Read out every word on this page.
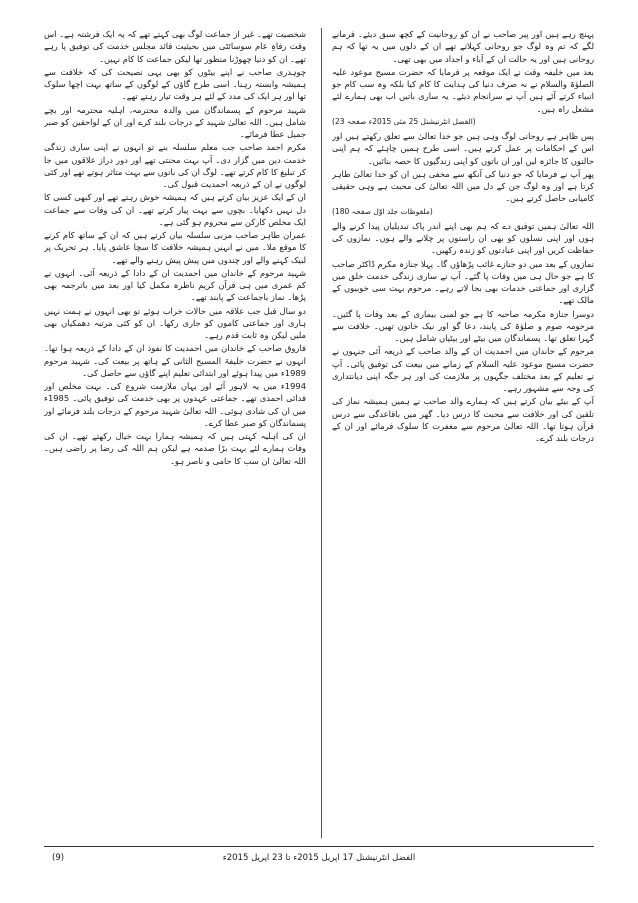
پہنچ رہے ہیں اور پیر صاحب نے ان کو روحانیت کے کچھ سبق دیئے۔ فرمانے لگے کہ تم وہ لوگ جو روحانی کہلاتے تھے ان کے دلوں میں یہ تھا کہ ہم روحانی ہیں اور یہ حالت ان کے آباء و اجداد میں بھی تھی۔

بعد میں خلیفہ وقت نے ایک موقعہ پر فرمایا کہ حضرت مسیح موعود علیہ الصلوٰۃ والسلام نے نہ صرف دنیا کی ہدایت کا کام کیا بلکہ وہ سب کام جو انبیاء کرتے آئے ہیں آپ نے سرانجام دیئے۔ یہ ساری باتیں اب بھی ہمارے لئے مشعل راہ ہیں۔

(الفضل انٹرنیشنل 25 مئی 2015ء صفحہ 23)

پس ظاہر ہے روحانی لوگ وہی ہیں جو خدا تعالیٰ سے تعلق رکھتے ہیں اور اس کے احکامات پر عمل کرتے ہیں۔ اسی طرح ہمیں چاہئے کہ ہم اپنی حالتوں کا جائزہ لیں اور ان باتوں کو اپنی زندگیوں کا حصہ بنائیں۔

پھر آپ نے فرمایا کہ جو دنیا کی آنکھ سے مخفی ہیں ان کو خدا تعالیٰ ظاہر کرتا ہے اور وہ لوگ جن کے دل میں اللہ تعالیٰ کی محبت ہے وہی حقیقی کامیابی حاصل کرتے ہیں۔

(ملفوظات جلد اوّل صفحہ 180)

اللہ تعالیٰ ہمیں توفیق دے کہ ہم بھی اپنے اندر پاک تبدیلیاں پیدا کرنے والے ہوں اور اپنی نسلوں کو بھی ان راستوں پر چلانے والے ہوں۔ نمازوں کی حفاظت کریں اور اپنی عبادتوں کو زندہ رکھیں۔

نمازوں کے بعد میں دو جنازے غائب پڑھاؤں گا۔ پہلا جنازہ مکرم ڈاکٹر صاحب کا ہے جو حال ہی میں وفات پا گئے۔ آپ نے ساری زندگی خدمت خلق میں گزاری اور جماعتی خدمات بھی بجا لاتے رہے۔ مرحوم بہت سی خوبیوں کے مالک تھے۔

دوسرا جنازہ مکرمہ صاحبہ کا ہے جو لمبی بیماری کے بعد وفات پا گئیں۔ مرحومہ صوم و صلوٰۃ کی پابند، دعا گو اور نیک خاتون تھیں۔ خلافت سے گہرا تعلق تھا۔ پسماندگان میں بیٹے اور بیٹیاں شامل ہیں۔

مرحوم کے خاندان میں احمدیت ان کے والد صاحب کے ذریعہ آئی جنہوں نے حضرت مسیح موعود علیہ السلام کے زمانے میں بیعت کی توفیق پائی۔ آپ نے تعلیم کے بعد مختلف جگہوں پر ملازمت کی اور ہر جگہ اپنی دیانتداری کی وجہ سے مشہور رہے۔

آپ کے بیٹے بیان کرتے ہیں کہ ہمارے والد صاحب نے ہمیں ہمیشہ نماز کی تلقین کی اور خلافت سے محبت کا درس دیا۔ گھر میں باقاعدگی سے درس قرآن ہوتا تھا۔ اللہ تعالیٰ مرحوم سے مغفرت کا سلوک فرمائے اور ان کے درجات بلند کرے۔

شخصیت تھے۔ غیر از جماعت لوگ بھی کہتے تھے کہ یہ ایک فرشتہ ہے۔ اس وقت رفاہِ عام سوسائٹی میں بحیثیت قائد مجلس خدمت کی توفیق پا رہے تھے۔ ان کو دنیا چھوڑنا منظور تھا لیکن جماعت کا کام نہیں۔

چوہدری صاحب نے اپنے بیٹوں کو بھی یہی نصیحت کی کہ خلافت سے ہمیشہ وابستہ رہنا۔ اسی طرح گاؤں کے لوگوں کے ساتھ بہت اچھا سلوک تھا اور ہر ایک کی مدد کے لئے ہر وقت تیار رہتے تھے۔

شہید مرحوم کے پسماندگان میں والدہ محترمہ، اہلیہ محترمہ اور بچے شامل ہیں۔ اللہ تعالیٰ شہید کے درجات بلند کرے اور ان کے لواحقین کو صبر جمیل عطا فرمائے۔

مکرم احمد صاحب جب معلم سلسلہ بنے تو انہوں نے اپنی ساری زندگی خدمت دین میں گزار دی۔ آپ بہت محنتی تھے اور دور دراز علاقوں میں جا کر تبلیغ کا کام کرتے تھے۔ لوگ ان کی باتوں سے بہت متاثر ہوتے تھے اور کئی لوگوں نے ان کے ذریعہ احمدیت قبول کی۔

ان کے ایک عزیز بیان کرتے ہیں کہ ہمیشہ خوش رہتے تھے اور کبھی کسی کا دل نہیں دکھایا۔ بچوں سے بہت پیار کرتے تھے۔ ان کی وفات سے جماعت ایک مخلص کارکن سے محروم ہو گئی ہے۔

عمران طاہر صاحب مربی سلسلہ بیان کرتے ہیں کہ ان کے ساتھ کام کرنے کا موقع ملا۔ میں نے انہیں ہمیشہ خلافت کا سچا عاشق پایا۔ ہر تحریک پر لبیک کہنے والے اور چندوں میں پیش پیش رہنے والے تھے۔

شہید مرحوم کے خاندان میں احمدیت ان کے دادا کے ذریعہ آئی۔ انہوں نے کم عمری میں ہی قرآن کریم ناظرہ مکمل کیا اور بعد میں باترجمہ بھی پڑھا۔ نماز باجماعت کے پابند تھے۔

دو سال قبل جب علاقہ میں حالات خراب ہوئے تو بھی انہوں نے ہمت نہیں ہاری اور جماعتی کاموں کو جاری رکھا۔ ان کو کئی مرتبہ دھمکیاں بھی ملیں لیکن وہ ثابت قدم رہے۔

فاروق صاحب کے خاندان میں احمدیت کا نفوذ ان کے دادا کے ذریعہ ہوا تھا۔ انہوں نے حضرت خلیفۃ المسیح الثانی کے ہاتھ پر بیعت کی۔ شہید مرحوم 1989ء میں پیدا ہوئے اور ابتدائی تعلیم اپنے گاؤں سے حاصل کی۔

1994ء میں یہ لاہور آئے اور یہاں ملازمت شروع کی۔ بہت مخلص اور فدائی احمدی تھے۔ جماعتی عہدوں پر بھی خدمت کی توفیق پائی۔ 1985ء میں ان کی شادی ہوئی۔ اللہ تعالیٰ شہید مرحوم کے درجات بلند فرمائے اور پسماندگان کو صبر عطا کرے۔

ان کی اہلیہ کہتی ہیں کہ ہمیشہ ہمارا بہت خیال رکھتے تھے۔ ان کی وفات ہمارے لئے بہت بڑا صدمہ ہے لیکن ہم اللہ کی رضا پر راضی ہیں۔ اللہ تعالیٰ ان سب کا حامی و ناصر ہو۔

الفضل انٹرنیشنل 17 اپریل 2015ء تا 23 اپریل 2015ء
(9)
